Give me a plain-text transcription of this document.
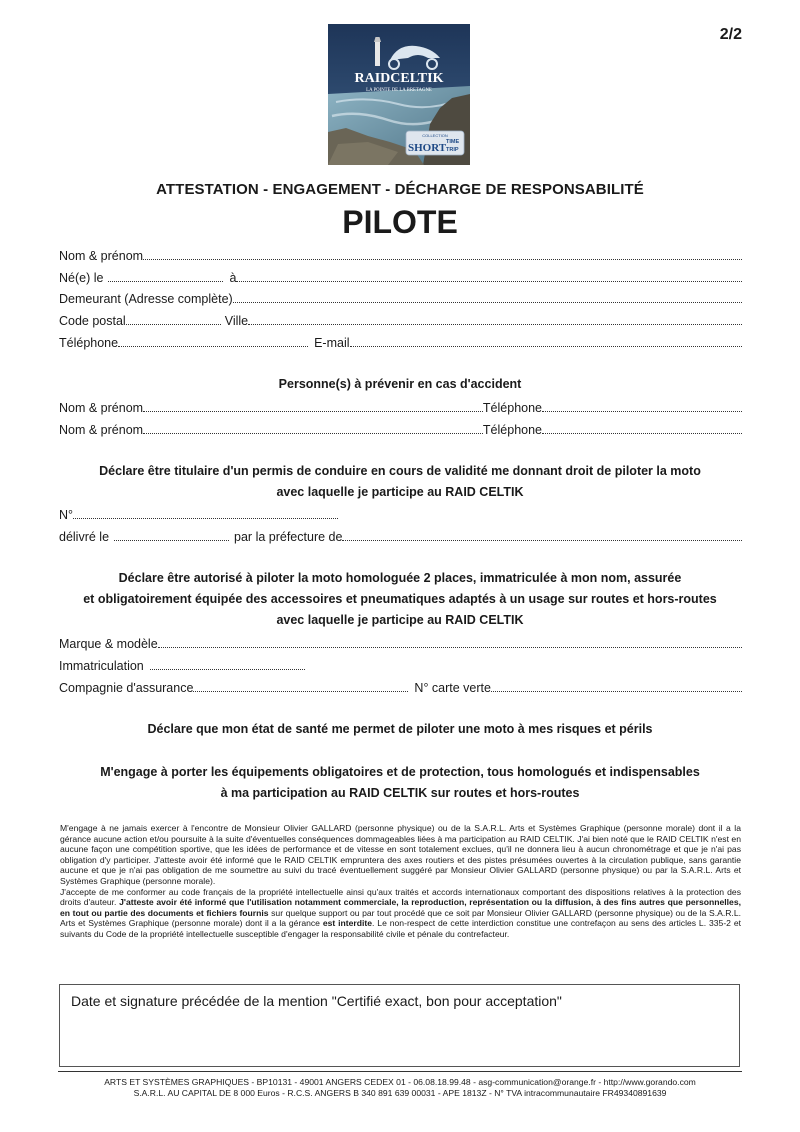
2/2
RAIDCELTIK
LA POINTE DE LA BRETAGNE
COLLECTION
SHORT TIME
TRIP
ATTESTATION - ENGAGEMENT - DÉCHARGE DE RESPONSABILITÉ
PILOTE
Nom & prénom
Né(e) le	à
Demeurant (Adresse complète)
Code postal	Ville
Téléphone	E-mail
Personne(s) à prévenir en cas d'accident
Nom & prénom	Téléphone
Nom & prénom	Téléphone
Déclare être titulaire d'un permis de conduire en cours de validité me donnant droit de piloter la moto
avec laquelle je participe au RAID CELTIK
N°
délivré le	par la préfecture de
Déclare être autorisé à piloter la moto homologuée 2 places, immatriculée à mon nom, assurée
et obligatoirement équipée des accessoires et pneumatiques adaptés à un usage sur routes et hors-routes
avec laquelle je participe au RAID CELTIK
Marque & modèle
Immatriculation
Compagnie d'assurance	N° carte verte
Déclare que mon état de santé me permet de piloter une moto à mes risques et périls
M'engage à porter les équipements obligatoires et de protection, tous homologués et indispensables
à ma participation au RAID CELTIK sur routes et hors-routes

M'engage à ne jamais exercer à l'encontre de Monsieur Olivier GALLARD (personne physique) ou de la S.A.R.L. Arts et Systèmes Graphique (personne morale) dont il a la gérance aucune action et/ou poursuite à la suite d'éventuelles conséquences dommageables liées à ma participation au RAID CELTIK. J'ai bien noté que le RAID CELTIK n'est en aucune façon une compétition sportive, que les idées de performance et de vitesse en sont totalement exclues, qu'il ne donnera lieu à aucun chronométrage et que je n'ai pas obligation d'y participer. J'atteste avoir été informé que le RAID CELTIK empruntera des axes routiers et des pistes présumées ouvertes à la circulation publique, sans garantie aucune et que je n'ai pas obligation de me soumettre au suivi du tracé éventuellement suggéré par Monsieur Olivier GALLARD (personne physique) ou par la S.A.R.L. Arts et Systèmes Graphique (personne morale).

J'accepte de me conformer au code français de la propriété intellectuelle ainsi qu'aux traités et accords internationaux comportant des dispositions relatives à la protection des droits d'auteur. J'atteste avoir été informé que l'utilisation notamment commerciale, la reproduction, représentation ou la diffusion, à des fins autres que personnelles, en tout ou partie des documents et fichiers fournis sur quelque support ou par tout procédé que ce soit par Monsieur Olivier GALLARD (personne physique) ou de la S.A.R.L. Arts et Systèmes Graphique (personne morale) dont il a la gérance est interdite. Le non-respect de cette interdiction constitue une contrefaçon au sens des articles L. 335-2 et suivants du Code de la propriété intellectuelle susceptible d'engager la responsabilité civile et pénale du contrefacteur.

Date et signature précédée de la mention "Certifié exact, bon pour acceptation"
ARTS ET SYSTÈMES GRAPHIQUES - BP10131 - 49001 ANGERS CEDEX 01 - 06.08.18.99.48 - asg-communication@orange.fr - http://www.gorando.com
S.A.R.L. AU CAPITAL DE 8 000 Euros - R.C.S. ANGERS B 340 891 639 00031 - APE 1813Z - N° TVA intracommunautaire FR49340891639
